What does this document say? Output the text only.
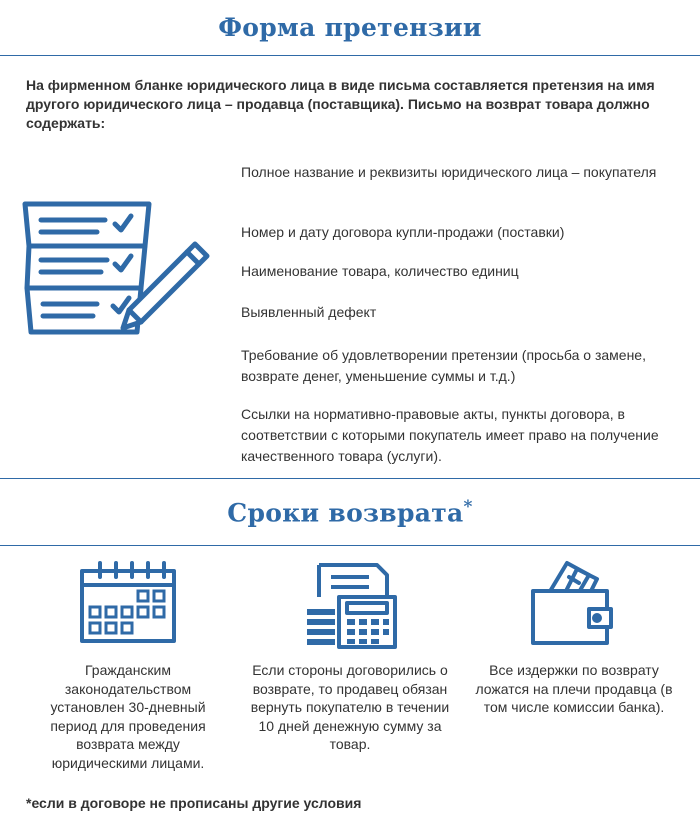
Форма претензии
На фирменном бланке юридического лица в виде письма составляется претензия на имя другого юридического лица – продавца (поставщика). Письмо на возврат товара должно содержать:
Полное название и реквизиты юридического лица – покупателя
Номер и дату договора купли-продажи (поставки)
Наименование товара, количество единиц
Выявленный дефект
Требование об удовлетворении претензии (просьба о замене, возврате денег, уменьшение суммы и т.д.)
Ссылки на нормативно-правовые акты, пункты договора, в соответствии с которыми покупатель имеет право на получение качественного товара (услуги).
Сроки возврата*
Гражданским законодательством установлен 30-дневный период для проведения возврата между юридическими лицами.
Если стороны договорились о возврате, то продавец обязан вернуть покупателю в течении 10 дней денежную сумму за товар.
Все издержки по возврату ложатся на плечи продавца (в том числе комиссии банка).
*если в договоре не прописаны другие условия
